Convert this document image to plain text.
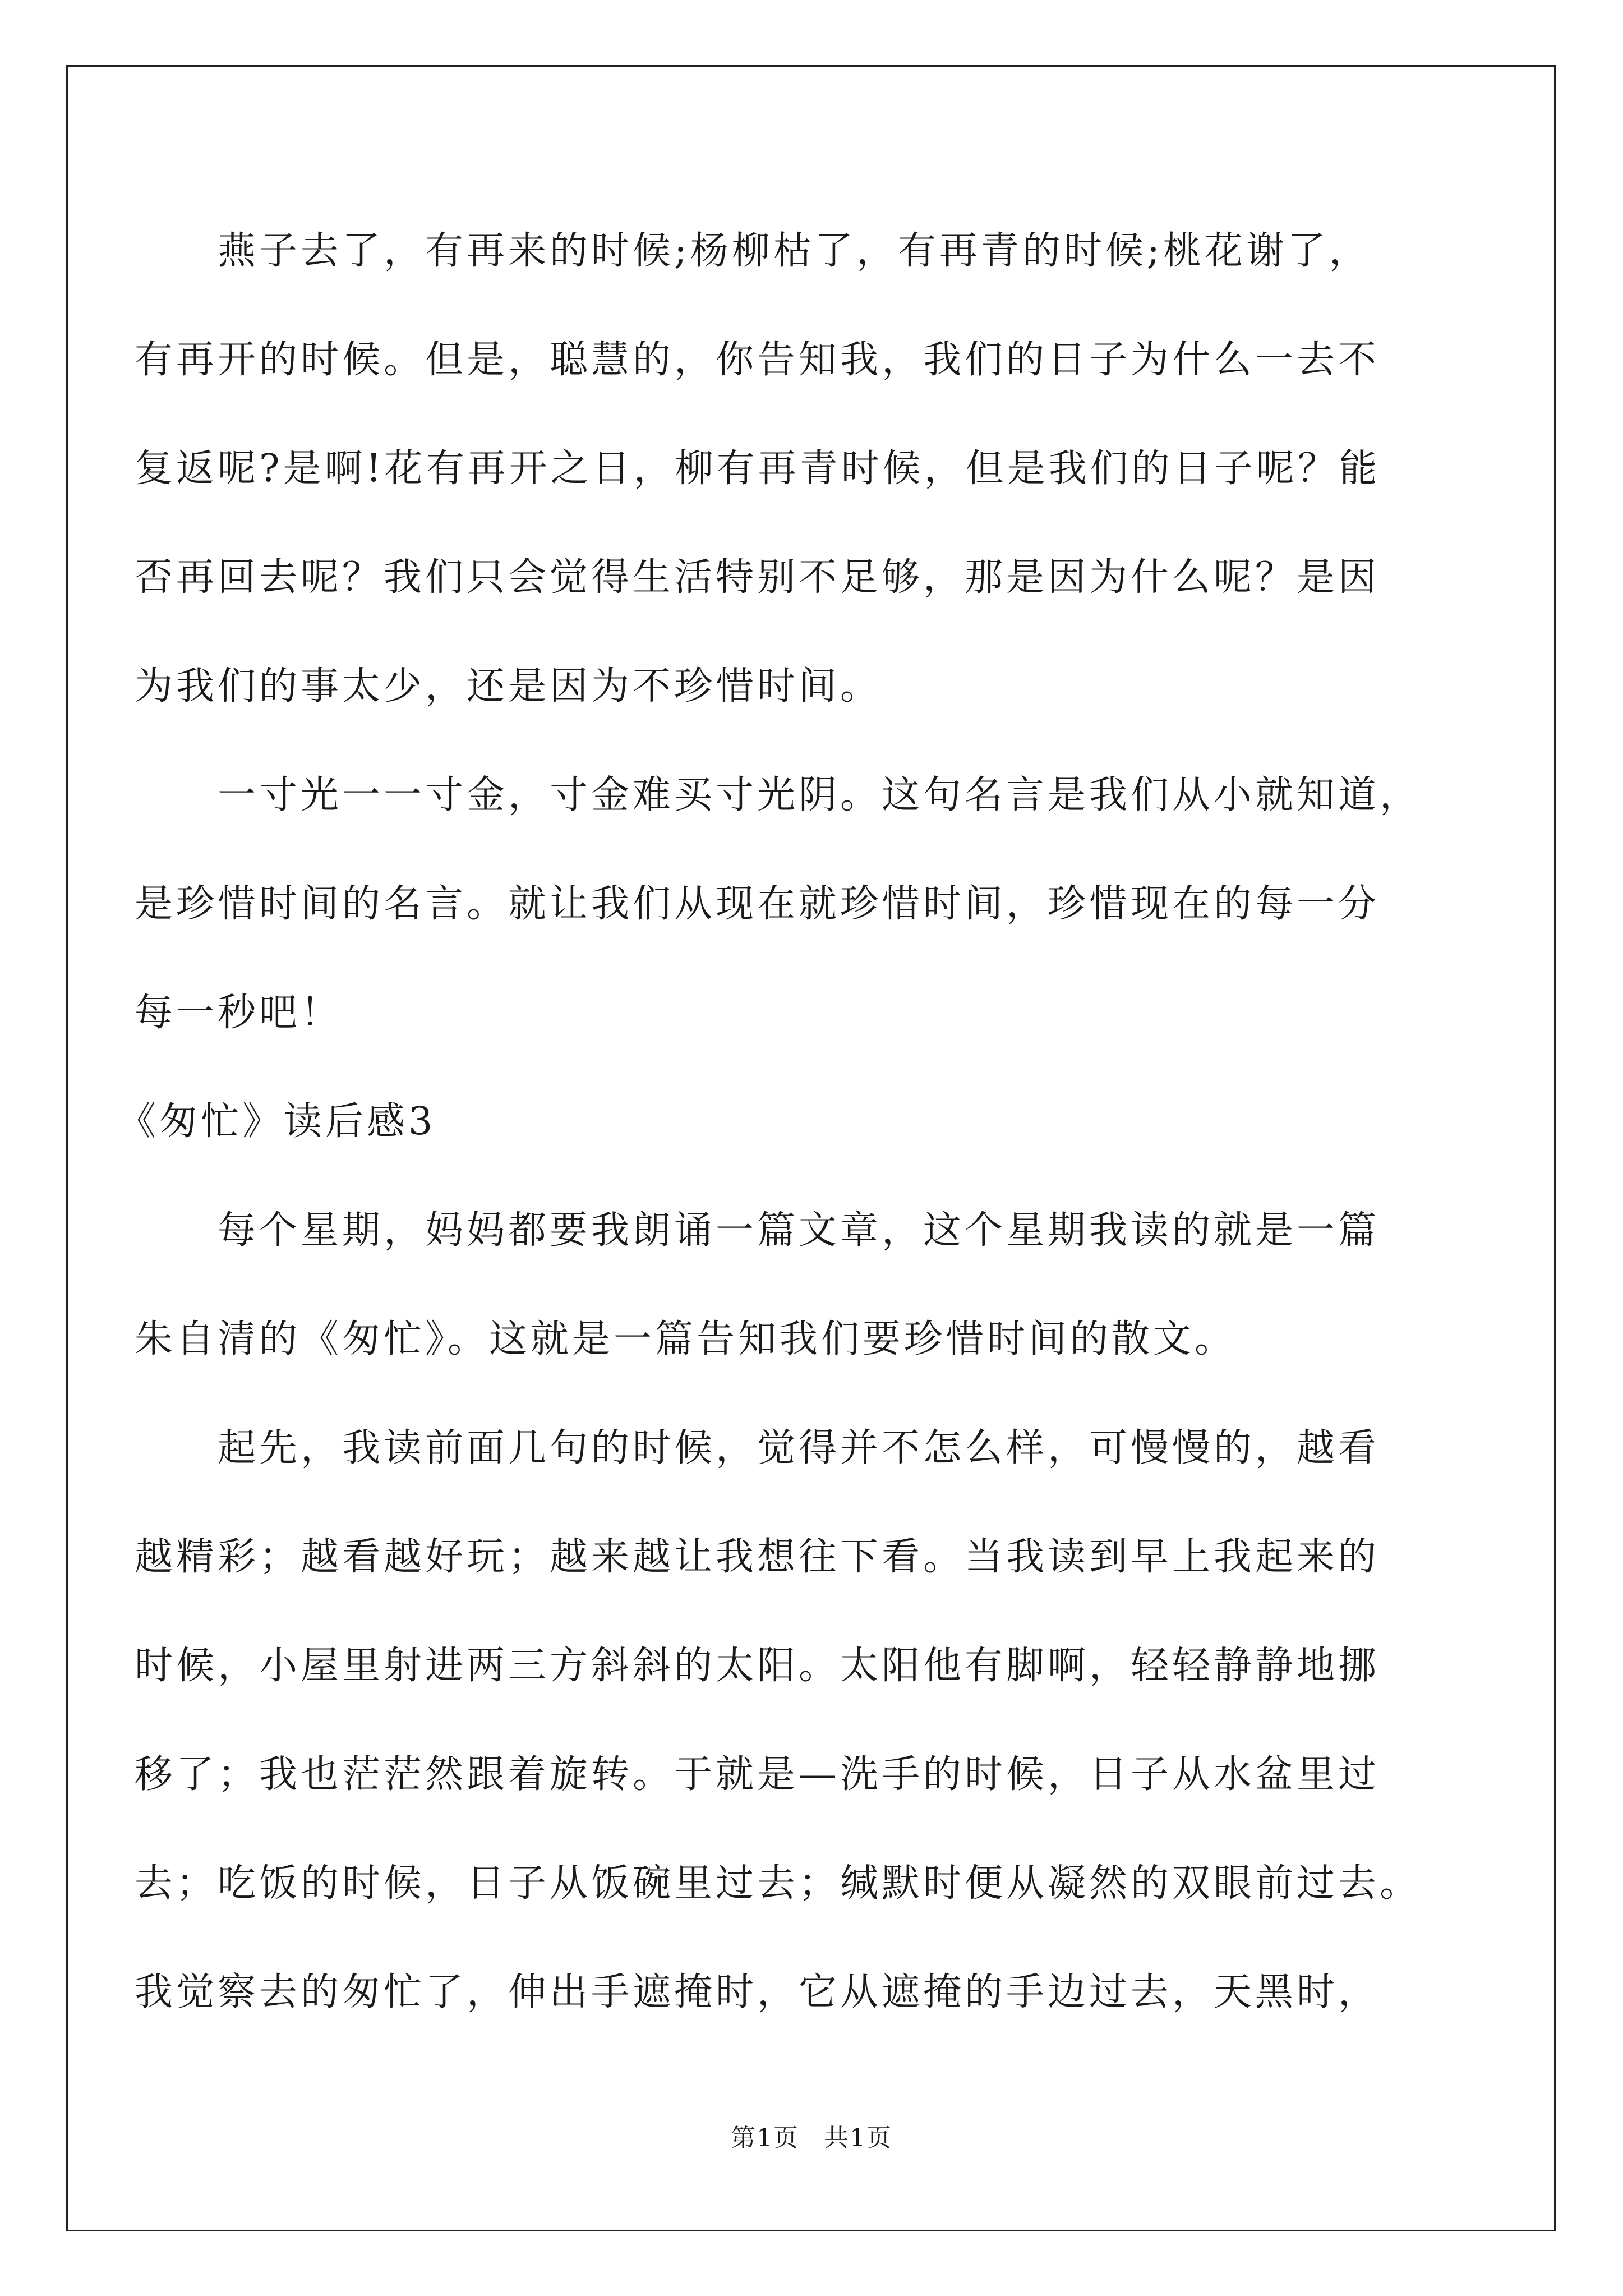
燕子去了，有再来的时候;杨柳枯了，有再青的时候;桃花谢了，
有再开的时候。但是，聪慧的，你告知我，我们的日子为什么一去不
复返呢?是啊!花有再开之日，柳有再青时候，但是我们的日子呢？能
否再回去呢？我们只会觉得生活特别不足够，那是因为什么呢？是因
为我们的事太少，还是因为不珍惜时间。
一寸光一一寸金，寸金难买寸光阴。这句名言是我们从小就知道，
是珍惜时间的名言。就让我们从现在就珍惜时间，珍惜现在的每一分
每一秒吧！
《匆忙》读后感3
每个星期，妈妈都要我朗诵一篇文章，这个星期我读的就是一篇
朱自清的《匆忙》。这就是一篇告知我们要珍惜时间的散文。
起先，我读前面几句的时候，觉得并不怎么样，可慢慢的，越看
越精彩；越看越好玩；越来越让我想往下看。当我读到早上我起来的
时候，小屋里射进两三方斜斜的太阳。太阳他有脚啊，轻轻静静地挪
移了；我也茫茫然跟着旋转。于就是—洗手的时候，日子从水盆里过
去；吃饭的时候，日子从饭碗里过去；缄默时便从凝然的双眼前过去。
我觉察去的匆忙了，伸出手遮掩时，它从遮掩的手边过去，天黑时，
第1页 共1页
